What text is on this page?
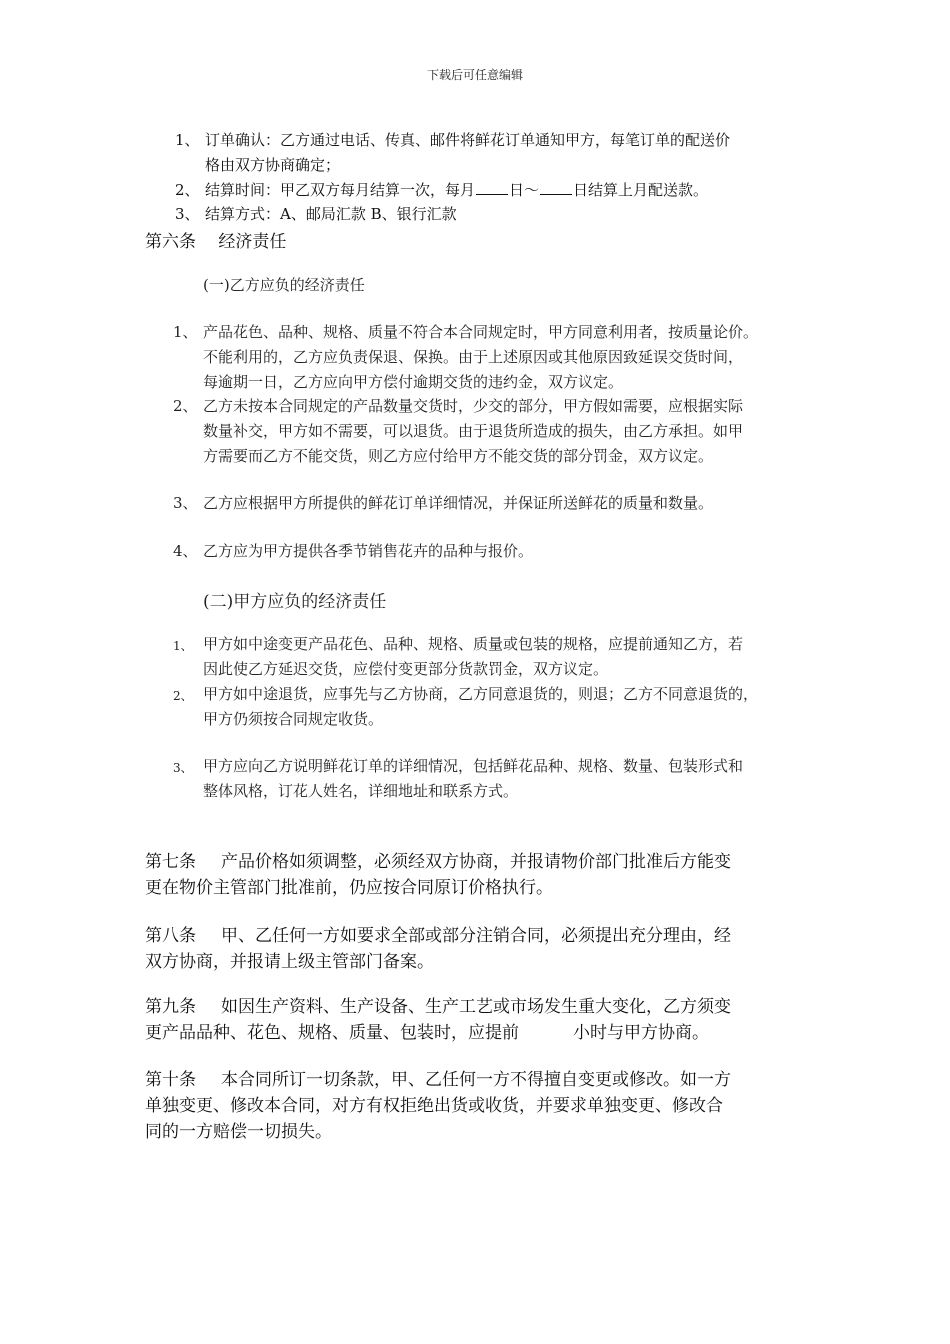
下载后可任意编辑
1、 订单确认：乙方通过电话、传真、邮件将鲜花订单通知甲方，每笔订单的配送价
格由双方协商确定；
2、 结算时间：甲乙双方每月结算一次，每月 日～ 日结算上月配送款。
3、 结算方式：A、邮局汇款 B、银行汇款
第六条　 经济责任
(一)乙方应负的经济责任
1、 产品花色、品种、规格、质量不符合本合同规定时，甲方同意利用者，按质量论价。
不能利用的，乙方应负责保退、保换。由于上述原因或其他原因致延误交货时间，
每逾期一日，乙方应向甲方偿付逾期交货的违约金，双方议定。
2、 乙方未按本合同规定的产品数量交货时，少交的部分，甲方假如需要，应根据实际
数量补交，甲方如不需要，可以退货。由于退货所造成的损失，由乙方承担。如甲
方需要而乙方不能交货，则乙方应付给甲方不能交货的部分罚金，双方议定。
3、 乙方应根据甲方所提供的鲜花订单详细情况，并保证所送鲜花的质量和数量。
4、 乙方应为甲方提供各季节销售花卉的品种与报价。
(二)甲方应负的经济责任
1、 甲方如中途变更产品花色、品种、规格、质量或包装的规格，应提前通知乙方，若
因此使乙方延迟交货，应偿付变更部分货款罚金，双方议定。
2、 甲方如中途退货，应事先与乙方协商，乙方同意退货的，则退；乙方不同意退货的，
甲方仍须按合同规定收货。
3、 甲方应向乙方说明鲜花订单的详细情况，包括鲜花品种、规格、数量、包装形式和
整体风格，订花人姓名，详细地址和联系方式。
第七条 产品价格如须调整，必须经双方协商，并报请物价部门批准后方能变
更在物价主管部门批准前，仍应按合同原订价格执行。
第八条 甲、乙任何一方如要求全部或部分注销合同，必须提出充分理由，经
双方协商，并报请上级主管部门备案。
第九条 如因生产资料、生产设备、生产工艺或市场发生重大变化，乙方须变
更产品品种、花色、规格、质量、包装时，应提前	小时与甲方协商。
第十条 本合同所订一切条款，甲、乙任何一方不得擅自变更或修改。如一方
单独变更、修改本合同，对方有权拒绝出货或收货，并要求单独变更、修改合
同的一方赔偿一切损失。
